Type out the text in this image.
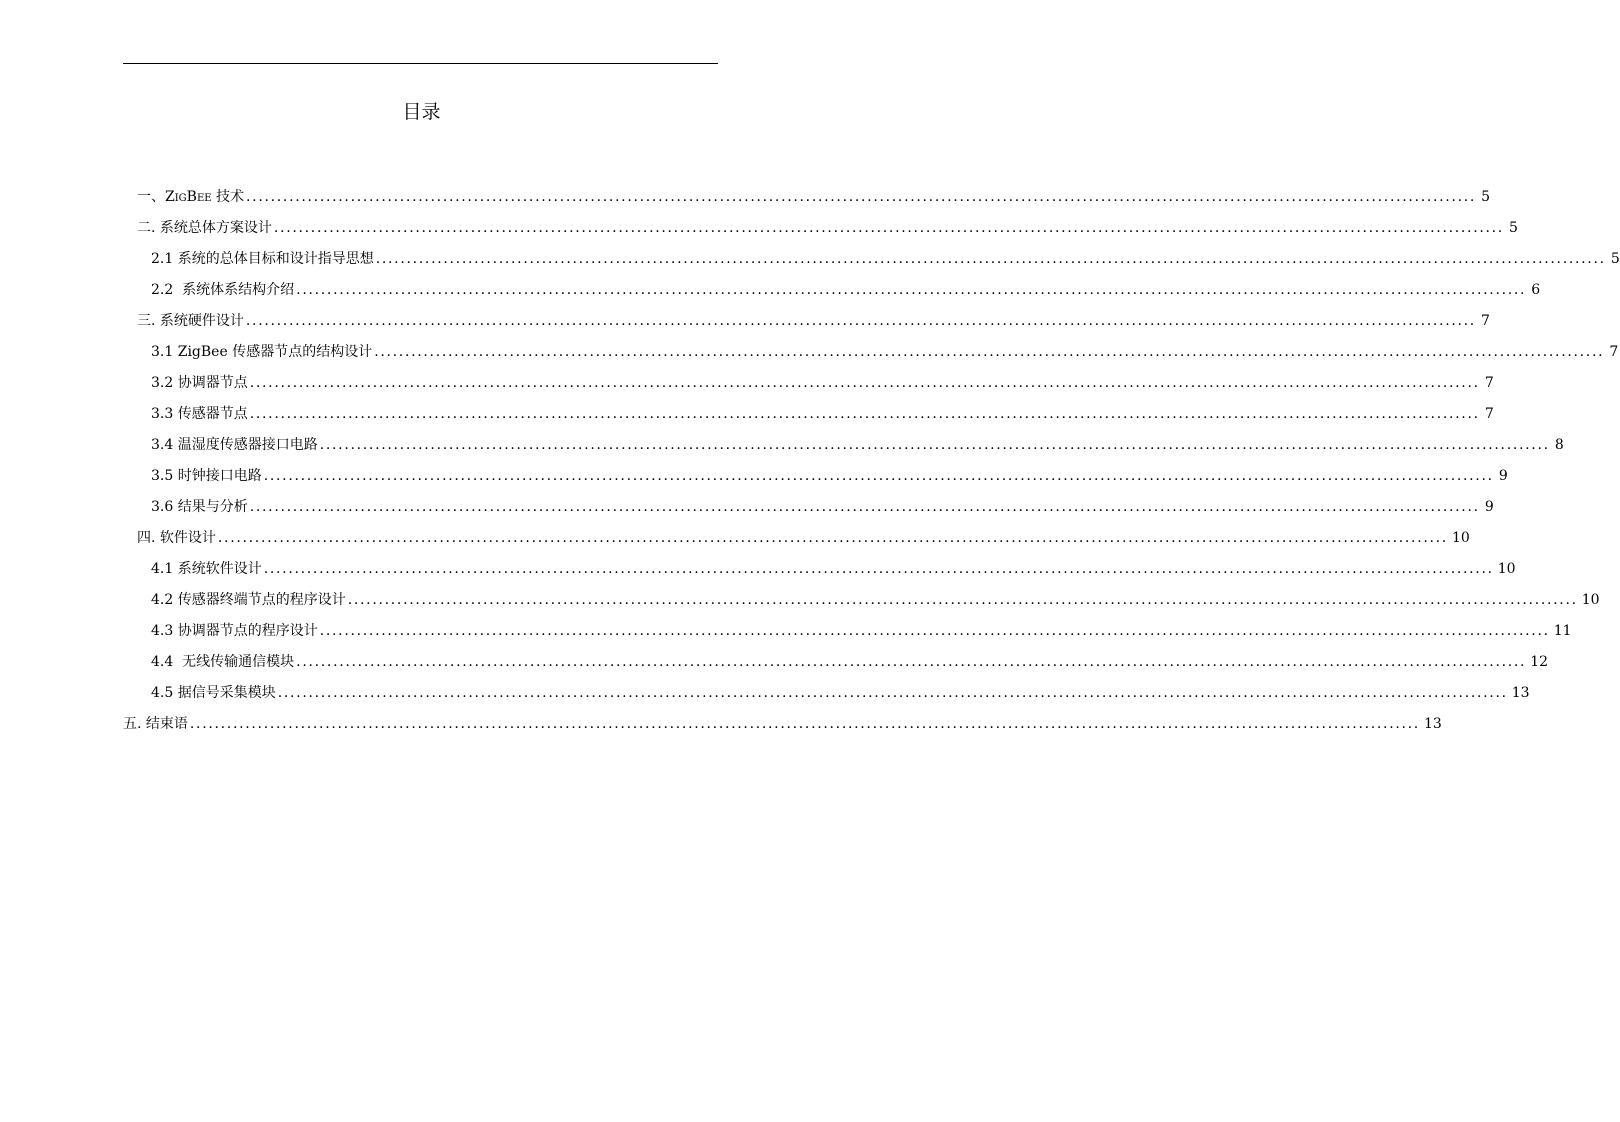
目录
一、ZigBee 技术 ........................................................................................................................................................................................................ 5
二. 系统总体方案设计 ........................................................................................................................................................................................................ 5
2.1 系统的总体目标和设计指导思想 ........................................................................................................................................................................................................ 5
2.2  系统体系结构介绍 ........................................................................................................................................................................................................ 6
三. 系统硬件设计 ........................................................................................................................................................................................................ 7
3.1 ZigBee 传感器节点的结构设计 ........................................................................................................................................................................................................ 7
3.2 协调器节点 ........................................................................................................................................................................................................ 7
3.3 传感器节点 ........................................................................................................................................................................................................ 7
3.4 温湿度传感器接口电路 ........................................................................................................................................................................................................ 8
3.5 时钟接口电路 ........................................................................................................................................................................................................ 9
3.6 结果与分析 ........................................................................................................................................................................................................ 9
四. 软件设计 ........................................................................................................................................................................................................ 10
4.1 系统软件设计 ........................................................................................................................................................................................................ 10
4.2 传感器终端节点的程序设计 ........................................................................................................................................................................................................ 10
4.3 协调器节点的程序设计 ........................................................................................................................................................................................................ 11
4.4  无线传输通信模块 ........................................................................................................................................................................................................ 12
4.5 据信号采集模块 ........................................................................................................................................................................................................ 13
五. 结束语 ........................................................................................................................................................................................................ 13
